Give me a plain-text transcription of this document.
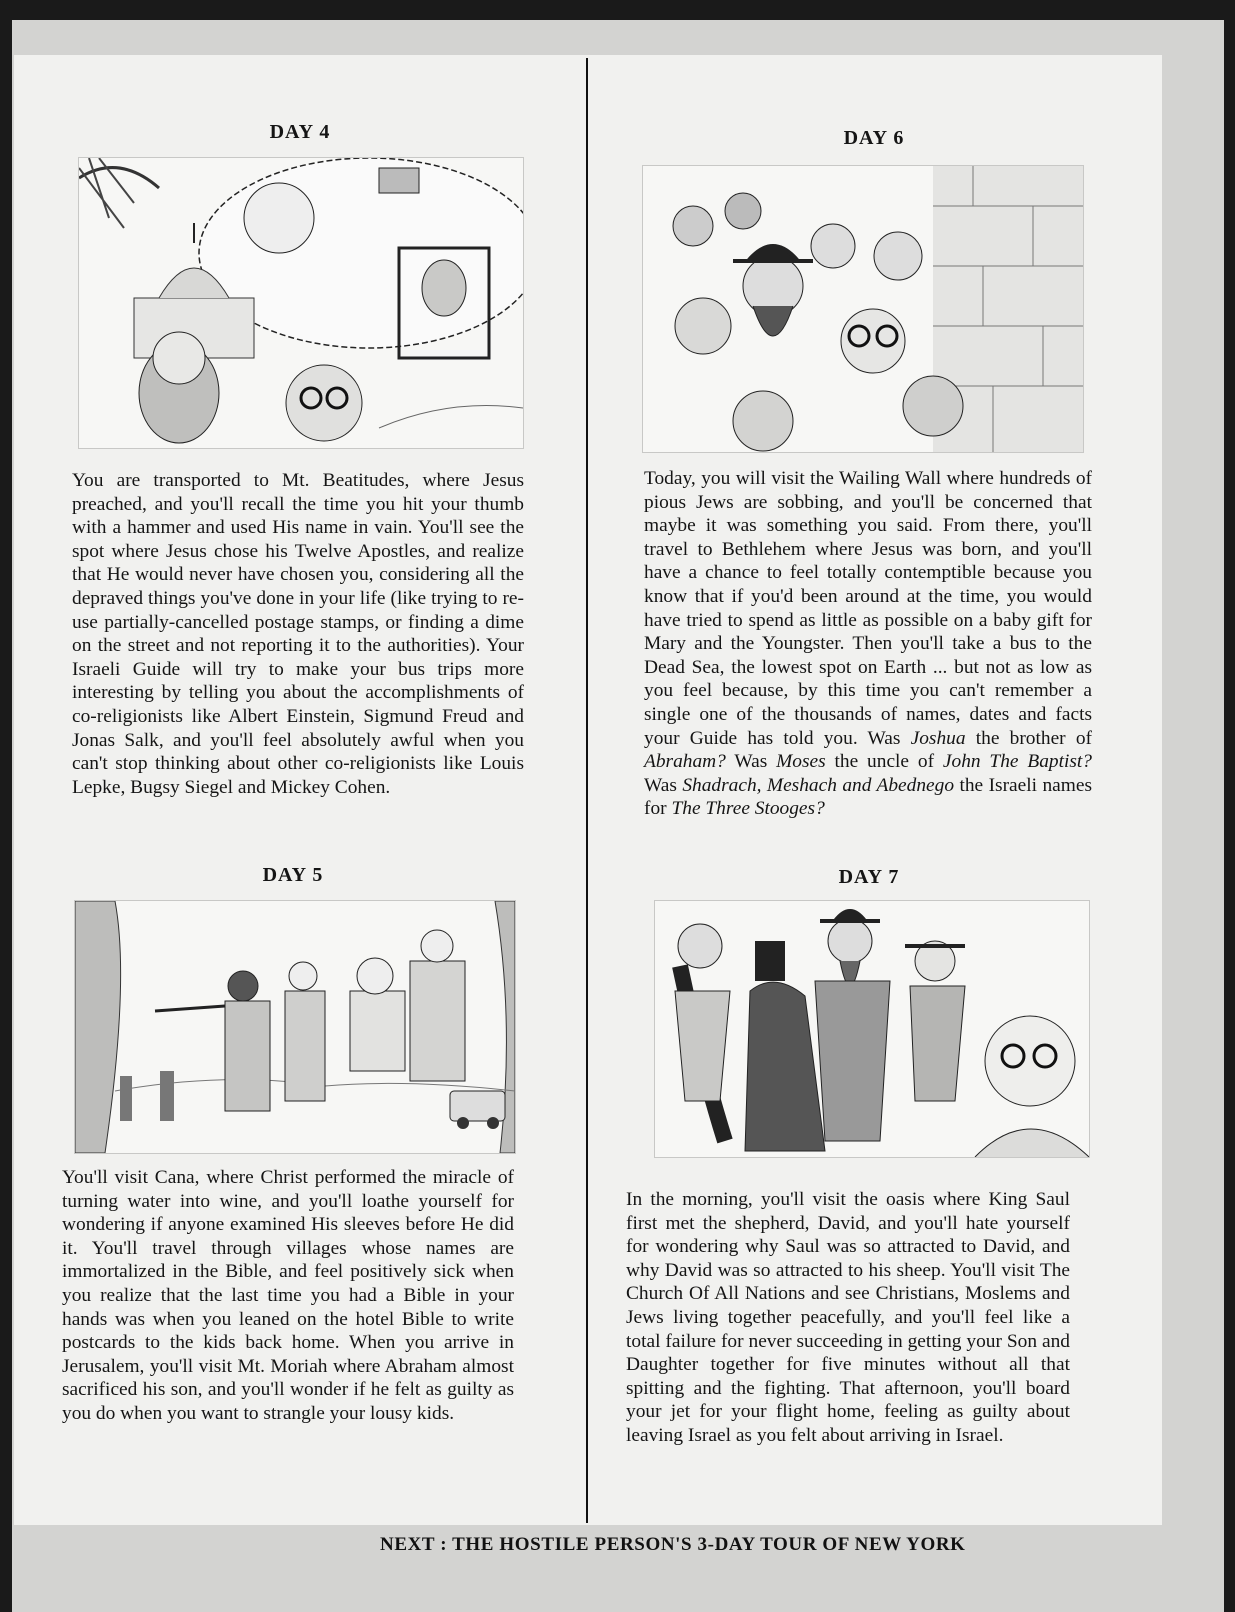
DAY 4

You are transported to Mt. Beatitudes, where Jesus preached, and you'll recall the time you hit your thumb with a hammer and used His name in vain. You'll see the spot where Jesus chose his Twelve Apostles, and realize that He would never have chosen you, considering all the depraved things you've done in your life (like trying to re-use partially-cancelled postage stamps, or finding a dime on the street and not reporting it to the authorities). Your Israeli Guide will try to make your bus trips more interesting by telling you about the accomplishments of co-religionists like Albert Einstein, Sigmund Freud and Jonas Salk, and you'll feel absolutely awful when you can't stop thinking about other co-religionists like Louis Lepke, Bugsy Siegel and Mickey Cohen.

DAY 5

You'll visit Cana, where Christ performed the miracle of turning water into wine, and you'll loathe yourself for wondering if anyone examined His sleeves before He did it. You'll travel through villages whose names are immortalized in the Bible, and feel positively sick when you realize that the last time you had a Bible in your hands was when you leaned on the hotel Bible to write postcards to the kids back home. When you arrive in Jerusalem, you'll visit Mt. Moriah where Abraham almost sacrificed his son, and you'll wonder if he felt as guilty as you do when you want to strangle your lousy kids.

DAY 6

Today, you will visit the Wailing Wall where hundreds of pious Jews are sobbing, and you'll be concerned that maybe it was something you said. From there, you'll travel to Bethlehem where Jesus was born, and you'll have a chance to feel totally contemptible because you know that if you'd been around at the time, you would have tried to spend as little as possible on a baby gift for Mary and the Youngster. Then you'll take a bus to the Dead Sea, the lowest spot on Earth ... but not as low as you feel because, by this time you can't remember a single one of the thousands of names, dates and facts your Guide has told you. Was Joshua the brother of Abraham? Was Moses the uncle of John The Baptist? Was Shadrach, Meshach and Abednego the Israeli names for The Three Stooges?

DAY 7

In the morning, you'll visit the oasis where King Saul first met the shepherd, David, and you'll hate yourself for wondering why Saul was so attracted to David, and why David was so attracted to his sheep. You'll visit The Church Of All Nations and see Christians, Moslems and Jews living together peacefully, and you'll feel like a total failure for never succeeding in getting your Son and Daughter together for five minutes without all that spitting and the fighting. That afternoon, you'll board your jet for your flight home, feeling as guilty about leaving Israel as you felt about arriving in Israel.

NEXT : THE HOSTILE PERSON'S 3-DAY TOUR OF NEW YORK
